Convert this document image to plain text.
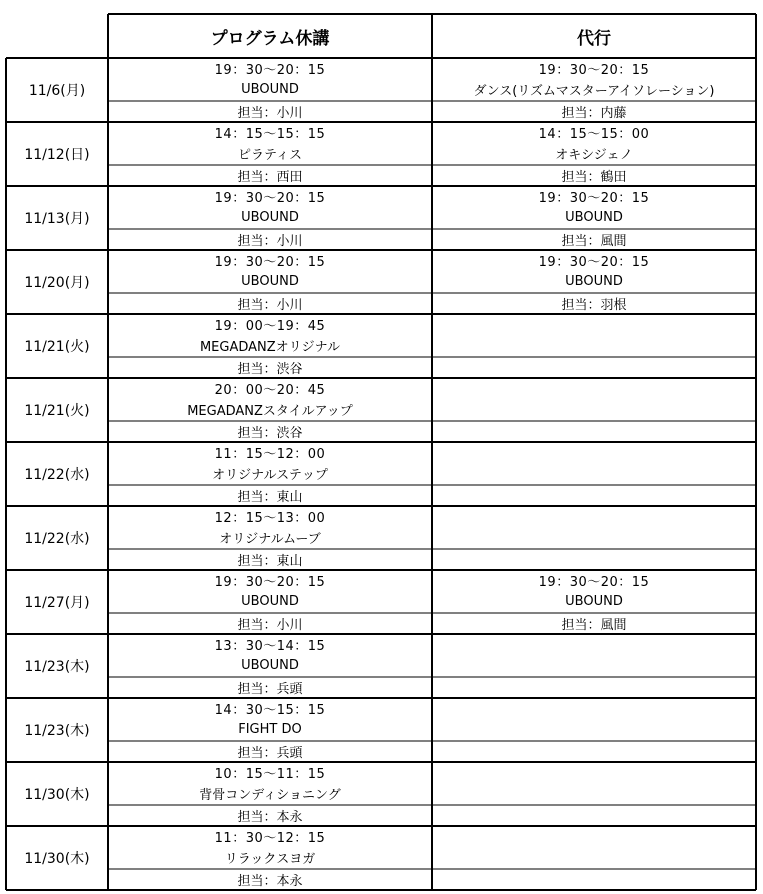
プログラム休講	代行
11/6(月)
19：30〜20：15
UBOUND
担当：小川
19：30〜20：15
ダンス(リズムマスターアイソレーション)
担当：内藤
11/12(日)
14：15〜15：15
ピラティス
担当：西田
14：15〜15：00
オキシジェノ
担当：鶴田
11/13(月)
19：30〜20：15
UBOUND
担当：小川
19：30〜20：15
UBOUND
担当：風間
11/20(月)
19：30〜20：15
UBOUND
担当：小川
19：30〜20：15
UBOUND
担当：羽根
11/21(火)
19：00〜19：45
MEGADANZオリジナル
担当：渋谷
11/21(火)
20：00〜20：45
MEGADANZスタイルアップ
担当：渋谷
11/22(水)
11：15〜12：00
オリジナルステップ
担当：東山
11/22(水)
12：15〜13：00
オリジナルムーブ
担当：東山
11/27(月)
19：30〜20：15
UBOUND
担当：小川
19：30〜20：15
UBOUND
担当：風間
11/23(木)
13：30〜14：15
UBOUND
担当：兵頭
11/23(木)
14：30〜15：15
FIGHT DO
担当：兵頭
11/30(木)
10：15〜11：15
背骨コンディショニング
担当：本永
11/30(木)
11：30〜12：15
リラックスヨガ
担当：本永
